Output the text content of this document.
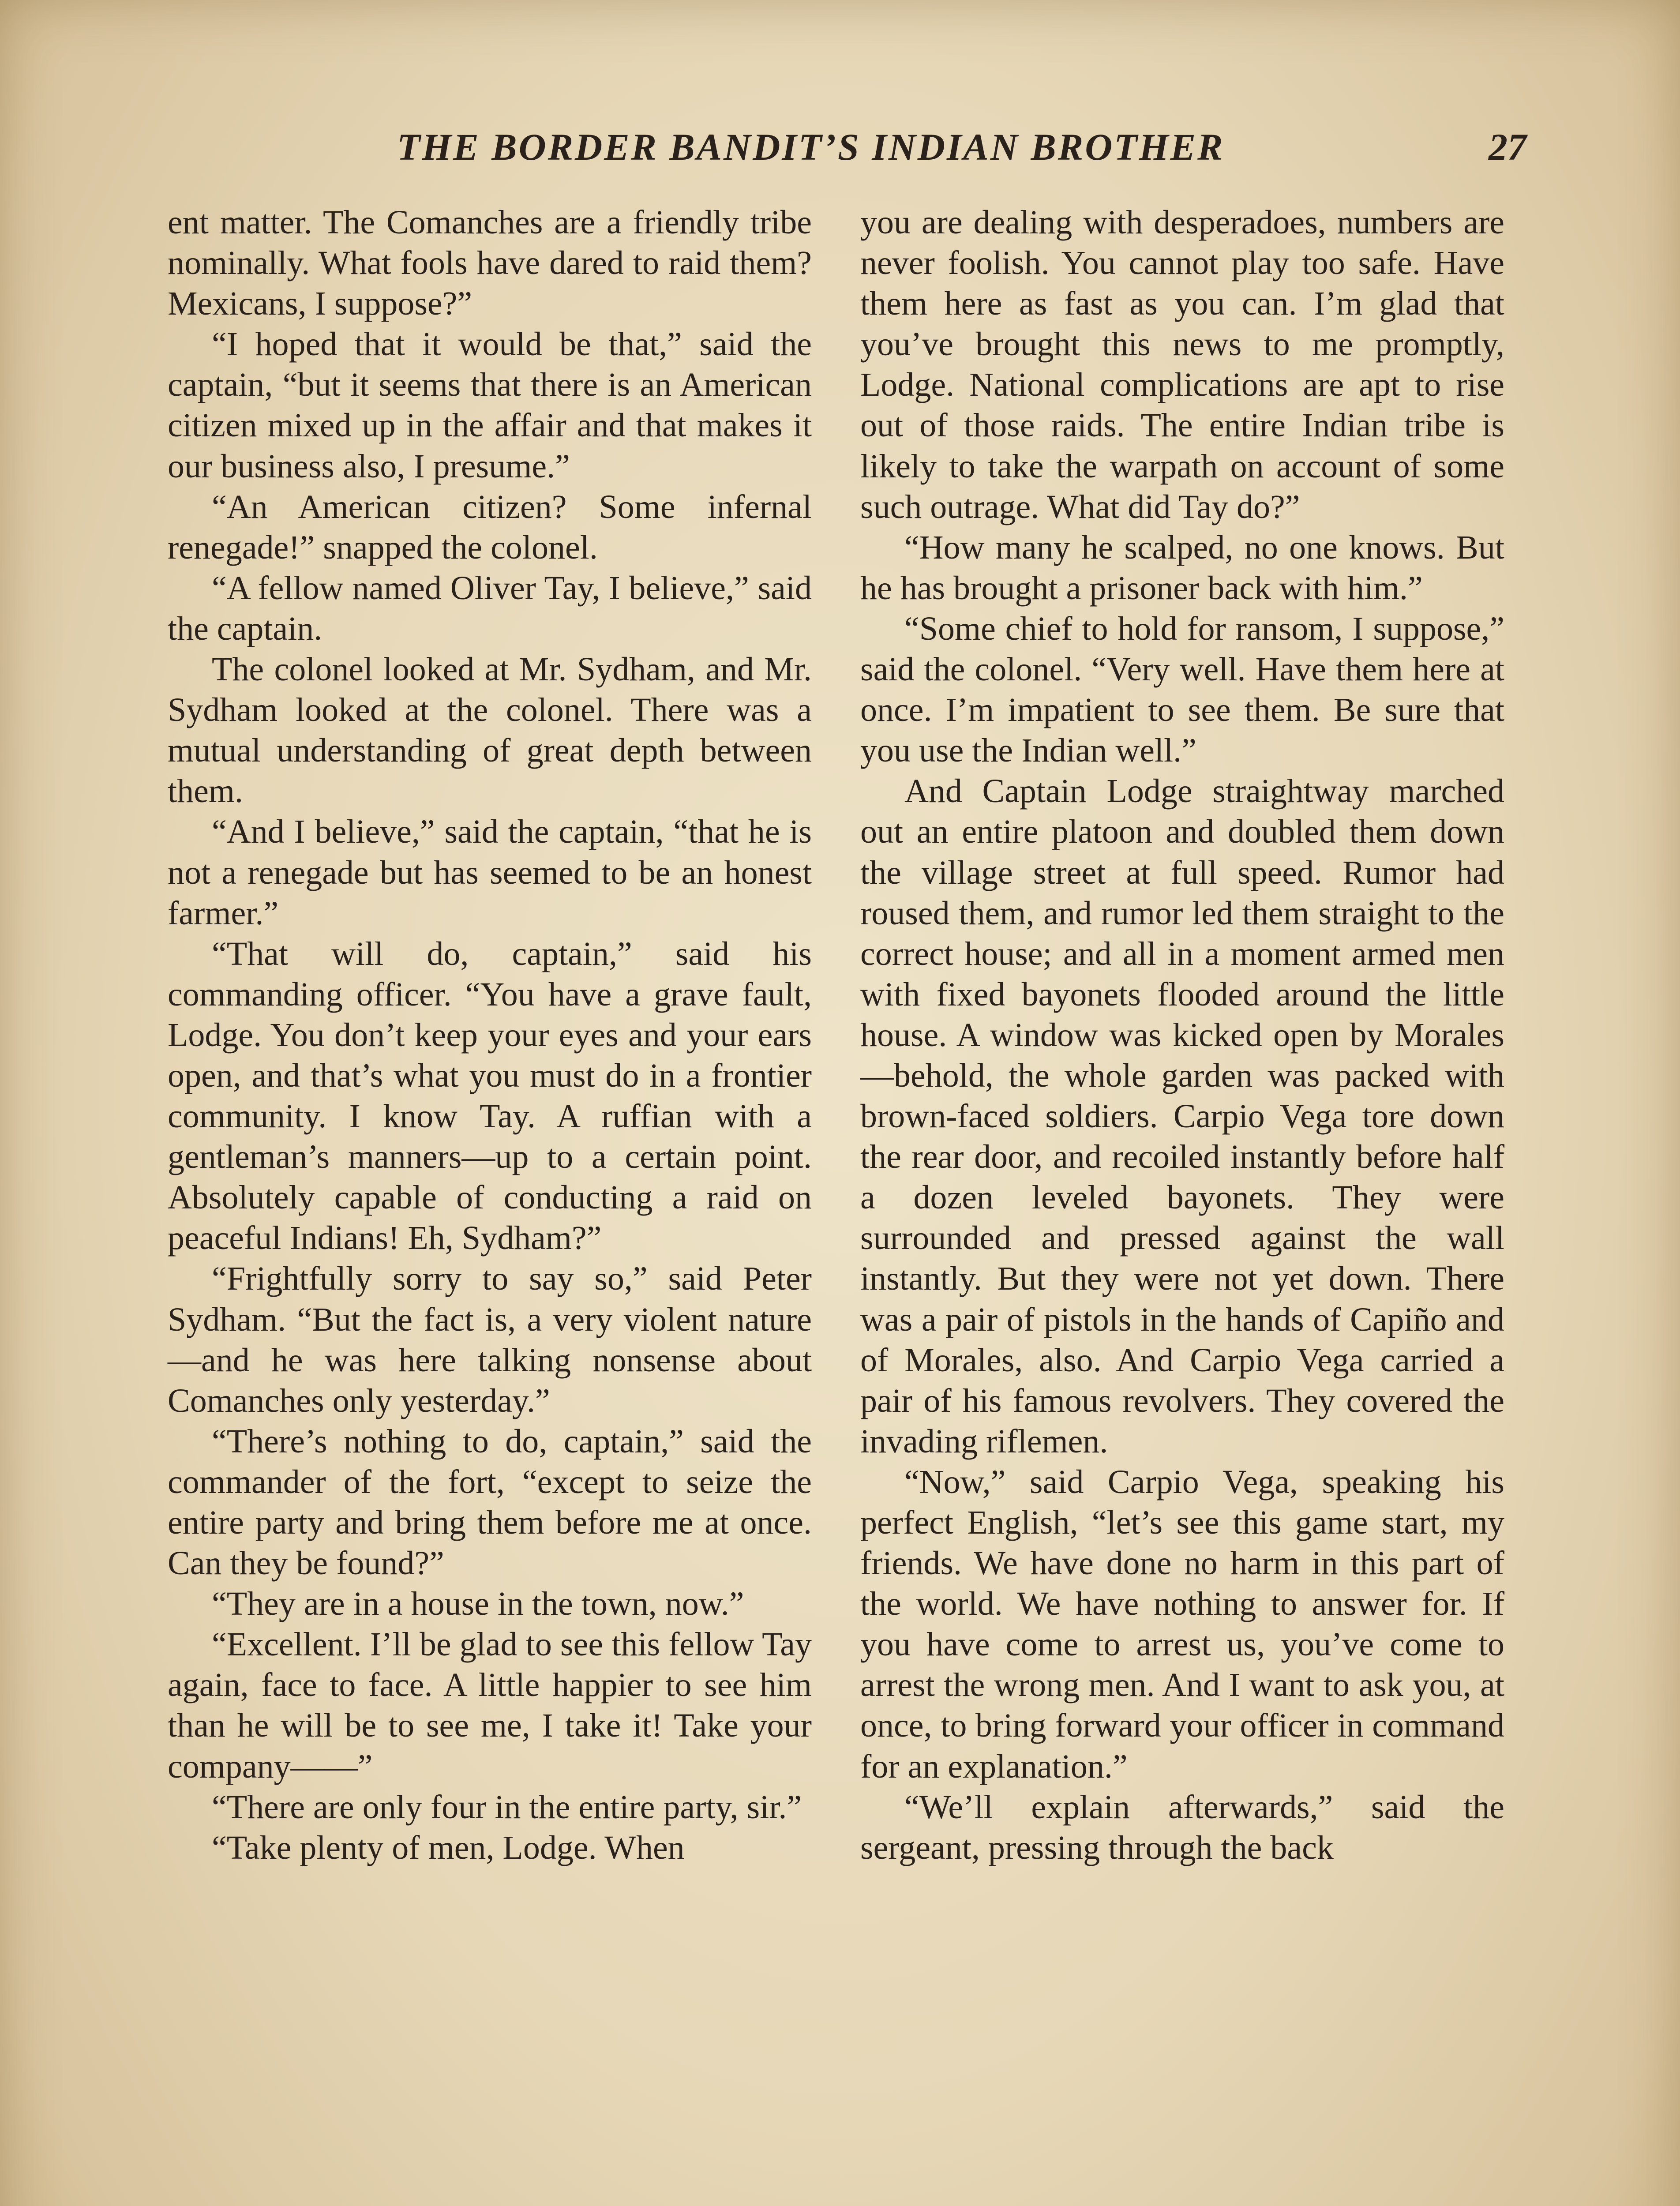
THE BORDER BANDIT’S INDIAN BROTHER	27

ent matter. The Comanches are a friendly tribe nominally. What fools have dared to raid them? Mexicans, I suppose?”

“I hoped that it would be that,” said the captain, “but it seems that there is an American citizen mixed up in the affair and that makes it our business also, I presume.”

“An American citizen? Some infernal renegade!” snapped the colonel.

“A fellow named Oliver Tay, I believe,” said the captain.

The colonel looked at Mr. Sydham, and Mr. Sydham looked at the colonel. There was a mutual understanding of great depth between them.

“And I believe,” said the captain, “that he is not a renegade but has seemed to be an honest farmer.”

“That will do, captain,” said his commanding officer. “You have a grave fault, Lodge. You don’t keep your eyes and your ears open, and that’s what you must do in a frontier community. I know Tay. A ruffian with a gentleman’s manners—up to a certain point. Absolutely capable of conducting a raid on peaceful Indians! Eh, Sydham?”

“Frightfully sorry to say so,” said Peter Sydham. “But the fact is, a very violent nature—and he was here talking nonsense about Comanches only yesterday.”

“There’s nothing to do, captain,” said the commander of the fort, “except to seize the entire party and bring them before me at once. Can they be found?”

“They are in a house in the town, now.”

“Excellent. I’ll be glad to see this fellow Tay again, face to face. A little happier to see him than he will be to see me, I take it! Take your company——”

“There are only four in the entire party, sir.”

“Take plenty of men, Lodge. When

you are dealing with desperadoes, numbers are never foolish. You cannot play too safe. Have them here as fast as you can. I’m glad that you’ve brought this news to me promptly, Lodge. National complications are apt to rise out of those raids. The entire Indian tribe is likely to take the warpath on account of some such outrage. What did Tay do?”

“How many he scalped, no one knows. But he has brought a prisoner back with him.”

“Some chief to hold for ransom, I suppose,” said the colonel. “Very well. Have them here at once. I’m impatient to see them. Be sure that you use the Indian well.”

And Captain Lodge straightway marched out an entire platoon and doubled them down the village street at full speed. Rumor had roused them, and rumor led them straight to the correct house; and all in a moment armed men with fixed bayonets flooded around the little house. A window was kicked open by Morales—behold, the whole garden was packed with brown-faced soldiers. Carpio Vega tore down the rear door, and recoiled instantly before half a dozen leveled bayonets. They were surrounded and pressed against the wall instantly. But they were not yet down. There was a pair of pistols in the hands of Capiño and of Morales, also. And Carpio Vega carried a pair of his famous revolvers. They covered the invading riflemen.

“Now,” said Carpio Vega, speaking his perfect English, “let’s see this game start, my friends. We have done no harm in this part of the world. We have nothing to answer for. If you have come to arrest us, you’ve come to arrest the wrong men. And I want to ask you, at once, to bring forward your officer in command for an explanation.”

“We’ll explain afterwards,” said the sergeant, pressing through the back
